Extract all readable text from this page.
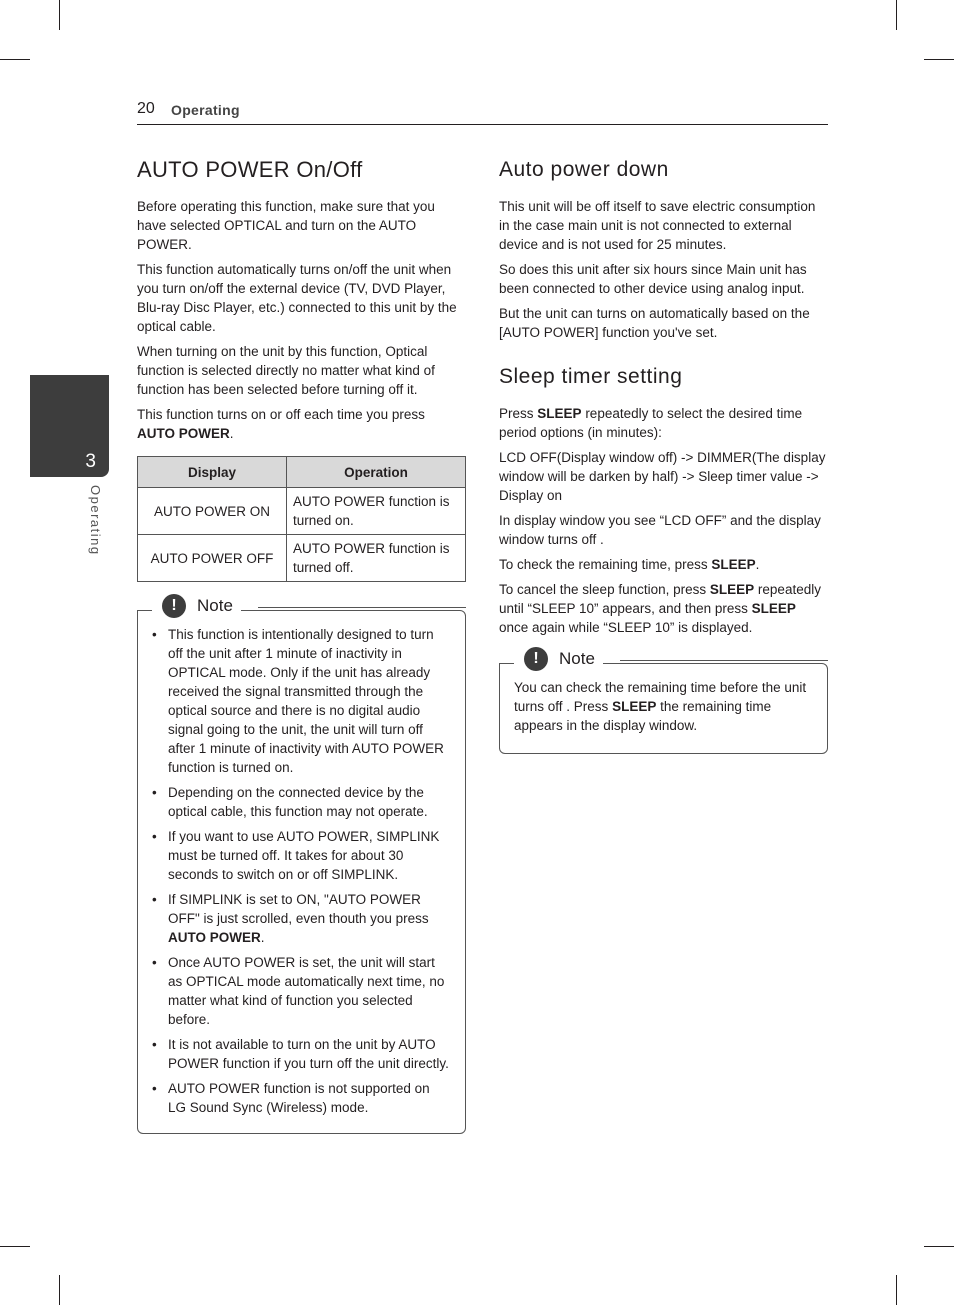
20 Operating
3
Operating
AUTO POWER On/Off

Before operating this function, make sure that you have selected OPTICAL and turn on the AUTO POWER.

This function automatically turns on/off the unit when you turn on/off the external device (TV, DVD Player, Blu-ray Disc Player, etc.) connected to this unit by the optical cable.

When turning on the unit by this function, Optical function is selected directly no matter what kind of function has been selected before turning off it.

This function turns on or off each time you press AUTO POWER.

Display	Operation
AUTO POWER ON	AUTO POWER function is turned on.
AUTO POWER OFF	AUTO POWER function is turned off.
!	Note
• This function is intentionally designed to turn off the unit after 1 minute of inactivity in OPTICAL mode. Only if the unit has already received the signal transmitted through the optical source and there is no digital audio signal going to the unit, the unit will turn off after 1 minute of inactivity with AUTO POWER function is turned on.
• Depending on the connected device by the optical cable, this function may not operate.
• If you want to use AUTO POWER, SIMPLINK must be turned off. It takes for about 30 seconds to switch on or off SIMPLINK.
• If SIMPLINK is set to ON, "AUTO POWER OFF" is just scrolled, even thouth you press AUTO POWER.
• Once AUTO POWER is set, the unit will start as OPTICAL mode automatically next time, no matter what kind of function you selected before.
• It is not available to turn on the unit by AUTO POWER function if you turn off the unit directly.
• AUTO POWER function is not supported on LG Sound Sync (Wireless) mode.
Auto power down

This unit will be off itself to save electric consumption in the case main unit is not connected to external device and is not used for 25 minutes.

So does this unit after six hours since Main unit has been connected to other device using analog input.

But the unit can turns on automatically based on the [AUTO POWER] function you've set.

Sleep timer setting

Press SLEEP repeatedly to select the desired time period options (in minutes):

LCD OFF(Display window off) -> DIMMER(The display window will be darken by half) -> Sleep timer value -> Display on

In display window you see “LCD OFF” and the display window turns off .

To check the remaining time, press SLEEP.

To cancel the sleep function, press SLEEP repeatedly until “SLEEP 10” appears, and then press SLEEP once again while “SLEEP 10” is displayed.

!	Note

You can check the remaining time before the unit turns off . Press SLEEP the remaining time appears in the display window.
